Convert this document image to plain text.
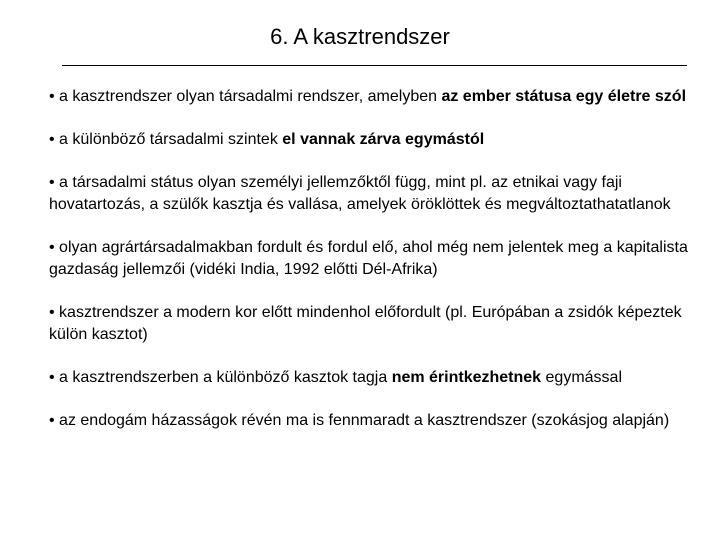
6. A kasztrendszer
• a kasztrendszer olyan társadalmi rendszer, amelyben az ember státusa egy életre szól
• a különböző társadalmi szintek el vannak zárva egymástól
• a társadalmi státus olyan személyi jellemzőktől függ, mint pl. az etnikai vagy faji hovatartozás, a szülők kasztja és vallása, amelyek öröklöttek és megváltoztathatatlanok
• olyan agrártársadalmakban fordult és fordul elő, ahol még nem jelentek meg a kapitalista gazdaság jellemzői (vidéki India, 1992 előtti Dél-Afrika)
• kasztrendszer a modern kor előtt mindenhol előfordult (pl. Európában a zsidók képeztek külön kasztot)
• a kasztrendszerben a különböző kasztok tagja nem érintkezhetnek egymással
• az endogám házasságok révén ma is fennmaradt a kasztrendszer (szokásjog alapján)
